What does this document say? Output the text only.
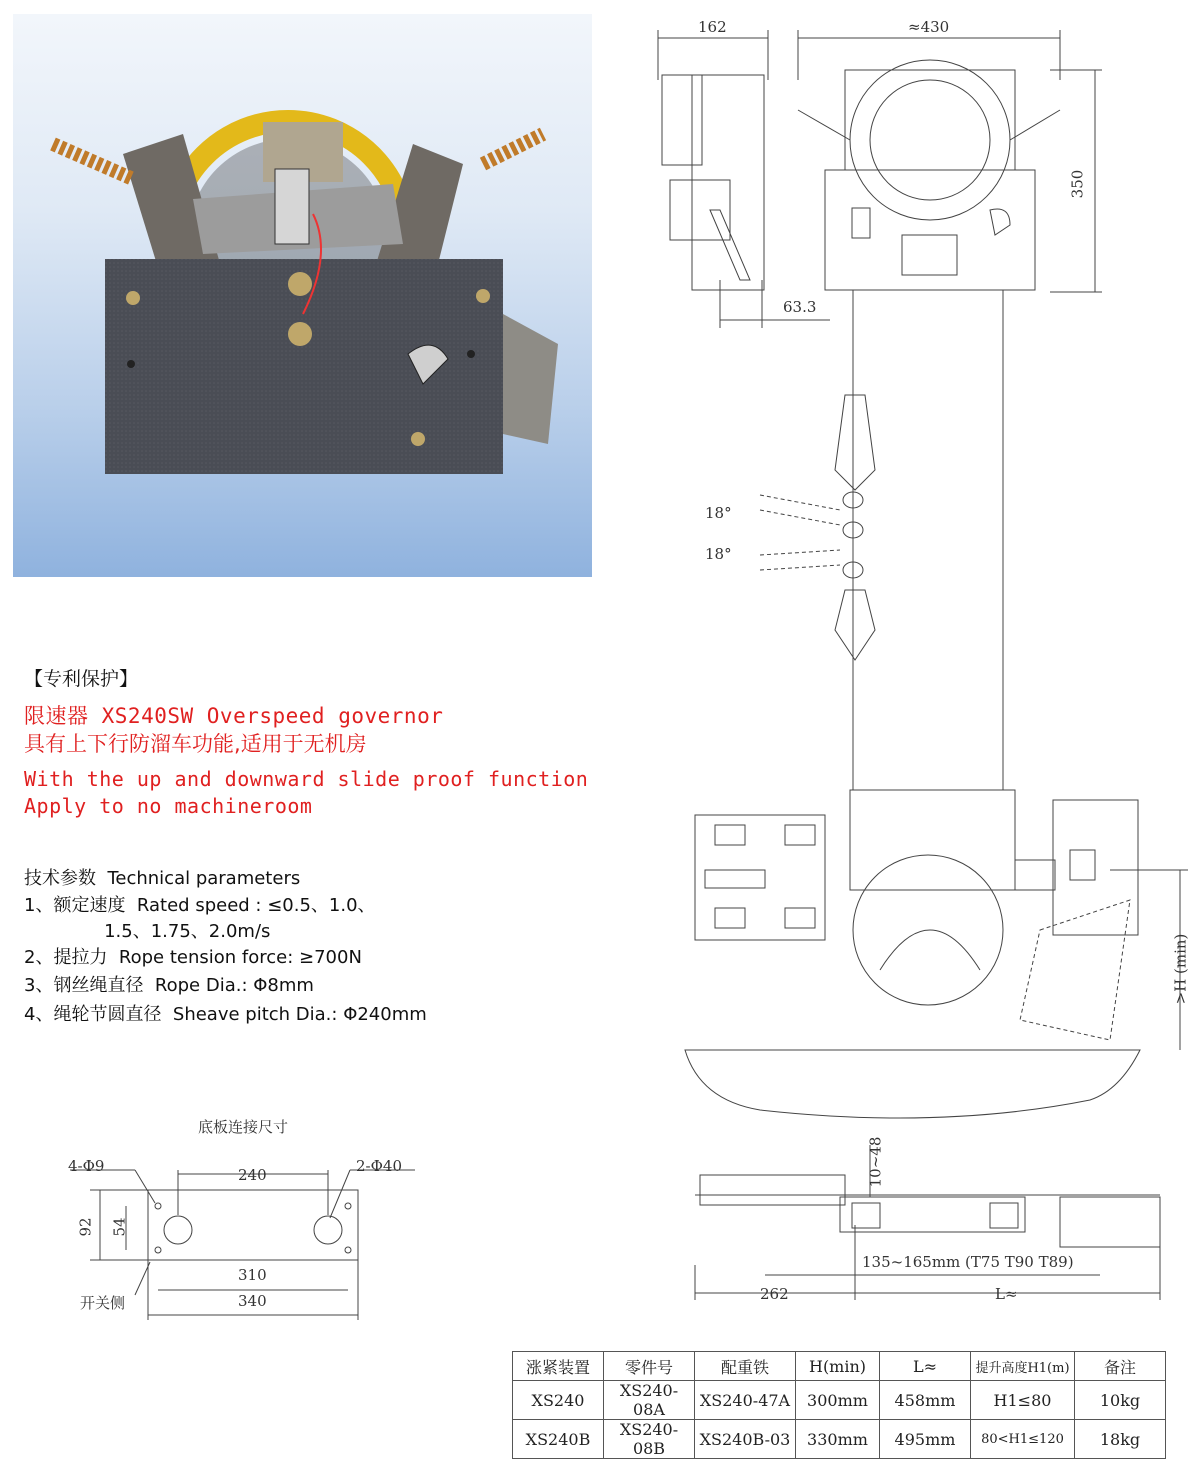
【专利保护】
限速器 XS240SW Overspeed governor
具有上下行防溜车功能,适用于无机房
With the up and downward slide proof function
Apply to no machineroom
技术参数  Technical parameters
1、额定速度  Rated speed : ≤0.5、1.0、
1.5、1.75、2.0m/s
2、提拉力  Rope tension force: ≥700N
3、钢丝绳直径  Rope Dia.: Φ8mm
4、绳轮节圆直径  Sheave pitch Dia.: Φ240mm
底板连接尺寸
4-Φ9	2-Φ40
240
92 54
310
340
开关侧
162	≈430
350
63.3
18°
18°
>H (min)
10~48
135~165mm (T75 T90 T89)
262	L≈
涨紧装置	零件号	配重铁	H(min)	L≈	提升高度H1(m)	备注
XS240	XS240-08A	XS240-47A	300mm	458mm	H1≤80	10kg
XS240B	XS240-08B	XS240B-03	330mm	495mm	80<H1≤120	18kg
